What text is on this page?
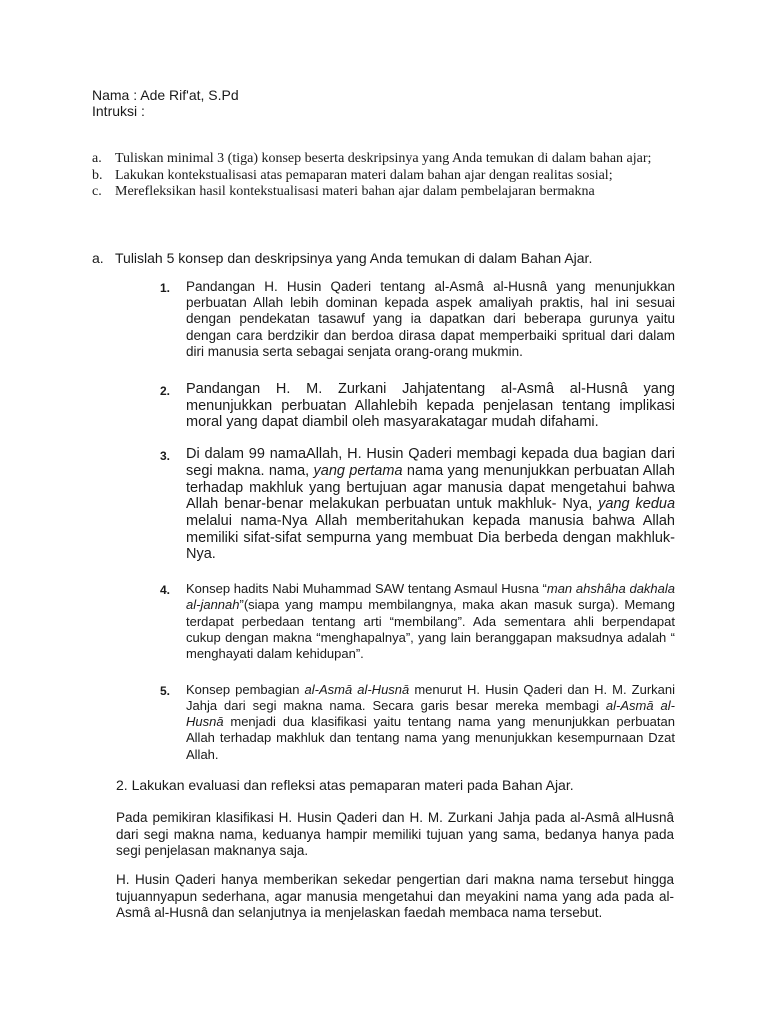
Nama : Ade Rif'at, S.Pd
Intruksi :
a. Tuliskan minimal 3 (tiga) konsep beserta deskripsinya yang Anda temukan di dalam bahan ajar;
b. Lakukan kontekstualisasi atas pemaparan materi dalam bahan ajar dengan realitas sosial;
c. Merefleksikan hasil kontekstualisasi materi bahan ajar dalam pembelajaran bermakna
a. Tulislah 5 konsep dan deskripsinya yang Anda temukan di dalam Bahan Ajar.
1.	Pandangan H. Husin Qaderi tentang al-Asmâ al-Husnâ yang menunjukkan perbuatan Allah lebih dominan kepada aspek amaliyah praktis, hal ini sesuai dengan pendekatan tasawuf yang ia dapatkan dari beberapa gurunya yaitu dengan cara berdzikir dan berdoa dirasa dapat memperbaiki spritual dari dalam diri manusia serta sebagai senjata orang-orang mukmin.
2.	Pandangan H. M. Zurkani Jahjatentang al-Asmâ al-Husnâ yang menunjukkan perbuatan Allahlebih kepada penjelasan tentang implikasi moral yang dapat diambil oleh masyarakatagar mudah difahami.
3.	Di dalam 99 namaAllah, H. Husin Qaderi membagi kepada dua bagian dari segi makna. nama, yang pertama nama yang menunjukkan perbuatan Allah terhadap makhluk yang bertujuan agar manusia dapat mengetahui bahwa Allah benar-benar melakukan perbuatan untuk makhluk- Nya, yang kedua melalui nama-Nya Allah memberitahukan kepada manusia bahwa Allah memiliki sifat-sifat sempurna yang membuat Dia berbeda dengan makhluk-Nya.
4.	Konsep hadits Nabi Muhammad SAW tentang Asmaul Husna “man ahshâha dakhala al-jannah”(siapa yang mampu membilangnya, maka akan masuk surga). Memang terdapat perbedaan tentang arti “membilang”. Ada sementara ahli berpendapat cukup dengan makna “menghapalnya”, yang lain beranggapan maksudnya adalah “ menghayati dalam kehidupan”.
5.	Konsep pembagian al-Asmā al-Husnā menurut H. Husin Qaderi dan H. M. Zurkani Jahja dari segi makna nama. Secara garis besar mereka membagi al-Asmā al-Husnā menjadi dua klasifikasi yaitu tentang nama yang menunjukkan perbuatan Allah terhadap makhluk dan tentang nama yang menunjukkan kesempurnaan Dzat Allah.
2. Lakukan evaluasi dan refleksi atas pemaparan materi pada Bahan Ajar.
Pada pemikiran klasifikasi H. Husin Qaderi dan H. M. Zurkani Jahja pada al-Asmâ alHusnâ dari segi makna nama, keduanya hampir memiliki tujuan yang sama, bedanya hanya pada segi penjelasan maknanya saja.
H. Husin Qaderi hanya memberikan sekedar pengertian dari makna nama tersebut hingga tujuannyapun sederhana, agar manusia mengetahui dan meyakini nama yang ada pada al-Asmâ al-Husnâ dan selanjutnya ia menjelaskan faedah membaca nama tersebut.
